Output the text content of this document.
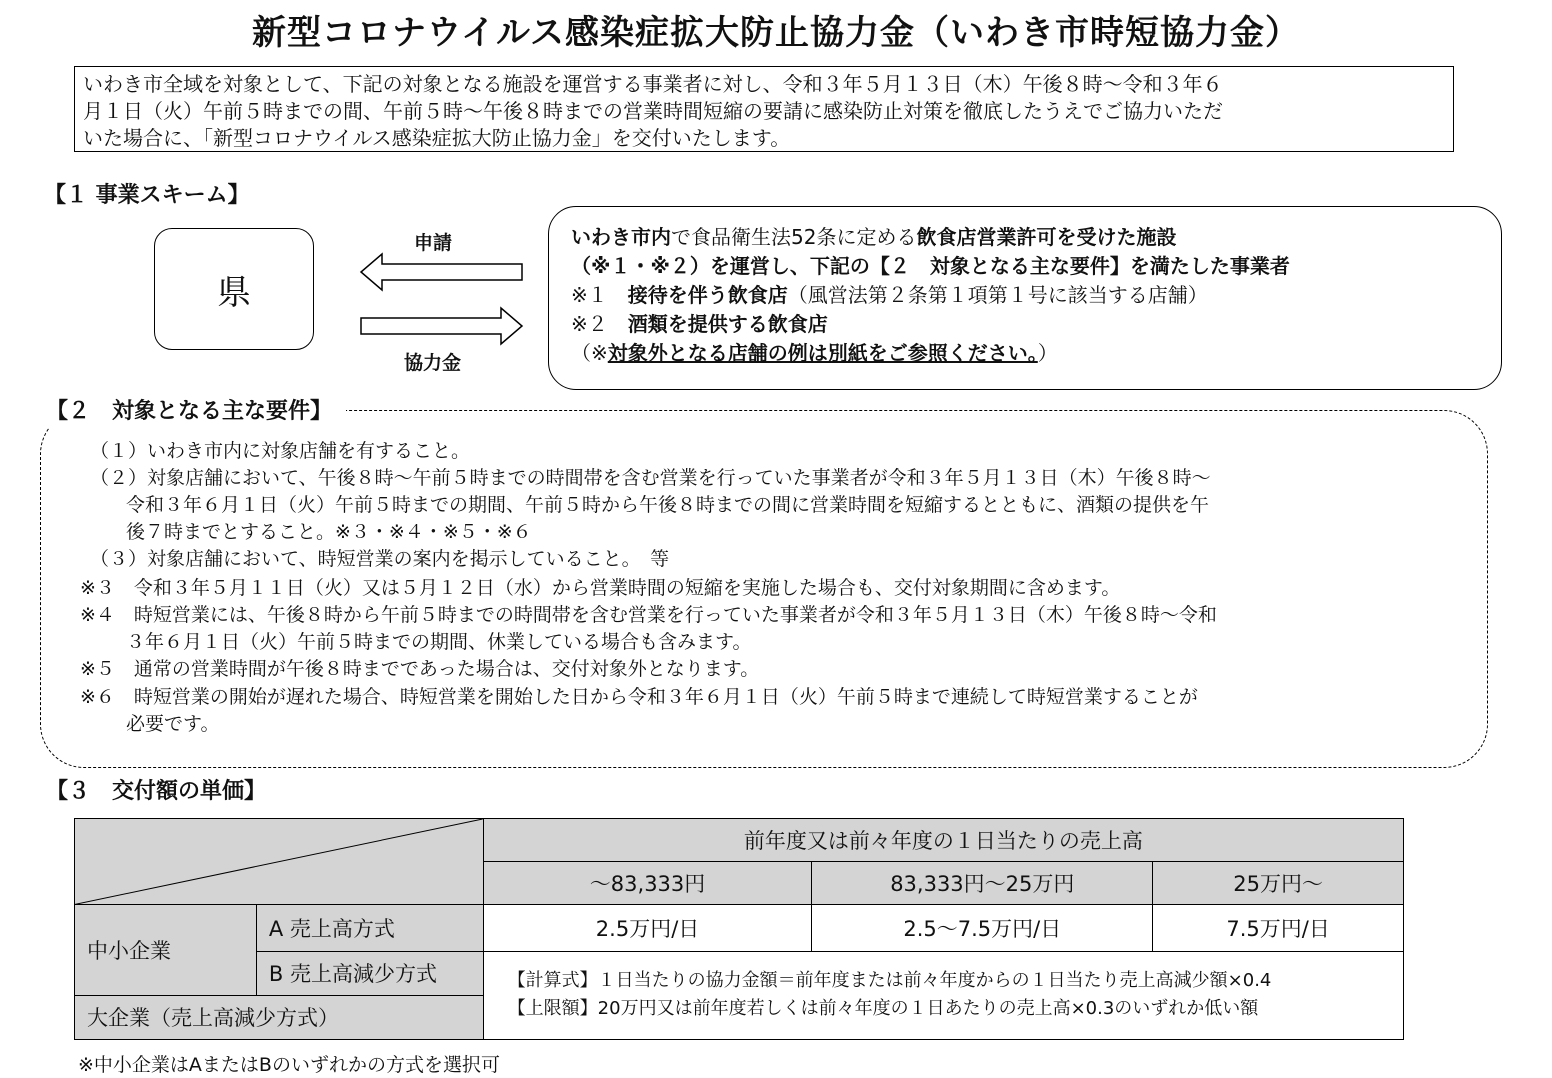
新型コロナウイルス感染症拡大防止協力金（いわき市時短協力金）
いわき市全域を対象として、下記の対象となる施設を運営する事業者に対し、令和３年５月１３日（木）午後８時～令和３年６
月１日（火）午前５時までの間、午前５時～午後８時までの営業時間短縮の要請に感染防止対策を徹底したうえでご協力いただ
いた場合に、「新型コロナウイルス感染症拡大防止協力金」を交付いたします。
【１ 事業スキーム】
県
申請
協力金
いわき市内で食品衛生法52条に定める飲食店営業許可を受けた施設
（※１・※２）を運営し、下記の【２　対象となる主な要件】を満たした事業者
※１　接待を伴う飲食店（風営法第２条第１項第１号に該当する店舗）
※２　酒類を提供する飲食店
（※対象外となる店舗の例は別紙をご参照ください。）
【２　対象となる主な要件】
（１）いわき市内に対象店舗を有すること。
（２）対象店舗において、午後８時～午前５時までの時間帯を含む営業を行っていた事業者が令和３年５月１３日（木）午後８時～
令和３年６月１日（火）午前５時までの期間、午前５時から午後８時までの間に営業時間を短縮するとともに、酒類の提供を午
後７時までとすること。※３・※４・※５・※６
（３）対象店舗において、時短営業の案内を掲示していること。　等
※３　令和３年５月１１日（火）又は５月１２日（水）から営業時間の短縮を実施した場合も、交付対象期間に含めます。
※４　時短営業には、午後８時から午前５時までの時間帯を含む営業を行っていた事業者が令和３年５月１３日（木）午後８時～令和
３年６月１日（火）午前５時までの期間、休業している場合も含みます。
※５　通常の営業時間が午後８時までであった場合は、交付対象外となります。
※６　時短営業の開始が遅れた場合、時短営業を開始した日から令和３年６月１日（火）午前５時まで連続して時短営業することが
必要です。
【３　交付額の単価】
	前年度又は前々年度の１日当たりの売上高		
		～83,333円	83,333円～25万円	25万円～
中小企業	A 売上高方式	2.5万円/日	2.5～7.5万円/日	7.5万円/日
	B 売上高減少方式	【計算式】１日当たりの協力金額＝前年度または前々年度からの１日当たり売上高減少額×0.4
【上限額】20万円又は前年度若しくは前々年度の１日あたりの売上高×0.3のいずれか低い額		

大企業（売上高減少方式）				
※中小企業はAまたはBのいずれかの方式を選択可
